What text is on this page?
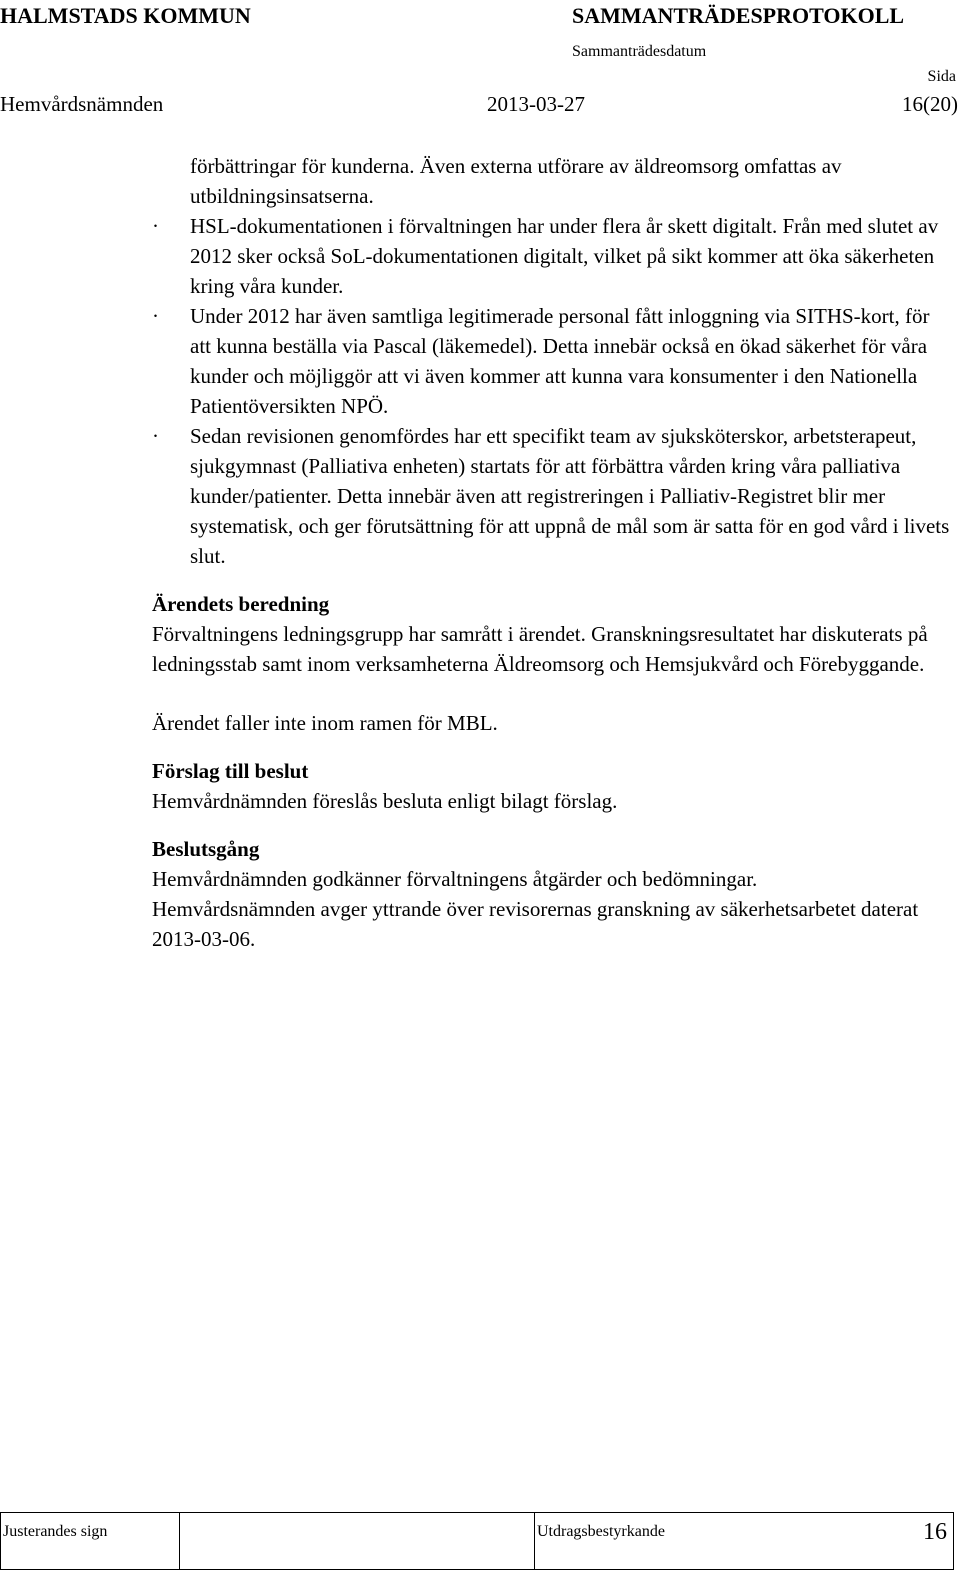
HALMSTADS KOMMUN	SAMMANTRÄDESPROTOKOLL
Sammanträdesdatum
Sida
Hemvårdsnämnden	2013-03-27	16(20)
förbättringar för kunderna. Även externa utförare av äldreomsorg omfattas av utbildningsinsatserna.
· HSL-dokumentationen i förvaltningen har under flera år skett digitalt. Från med slutet av 2012 sker också SoL-dokumentationen digitalt, vilket på sikt kommer att öka säkerheten kring våra kunder.
· Under 2012 har även samtliga legitimerade personal fått inloggning via SITHS-kort, för att kunna beställa via Pascal (läkemedel). Detta innebär också en ökad säkerhet för våra kunder och möjliggör att vi även kommer att kunna vara konsumenter i den Nationella Patientöversikten NPÖ.
· Sedan revisionen genomfördes har ett specifikt team av sjuksköterskor, arbetsterapeut, sjukgymnast (Palliativa enheten) startats för att förbättra vården kring våra palliativa kunder/patienter. Detta innebär även att registreringen i Palliativ-Registret blir mer systematisk, och ger förutsättning för att uppnå de mål som är satta för en god vård i livets slut.
Ärendets beredning

Förvaltningens ledningsgrupp har samrått i ärendet. Granskningsresultatet har diskuterats på ledningsstab samt inom verksamheterna Äldreomsorg och Hemsjukvård och Förebyggande.

Ärendet faller inte inom ramen för MBL.

Förslag till beslut

Hemvårdnämnden föreslås besluta enligt bilagt förslag.

Beslutsgång

Hemvårdnämnden godkänner förvaltningens åtgärder och bedömningar.

Hemvårdsnämnden avger yttrande över revisorernas granskning av säkerhetsarbetet daterat 2013-03-06.

Justerandes sign		Utdragsbestyrkande	16
